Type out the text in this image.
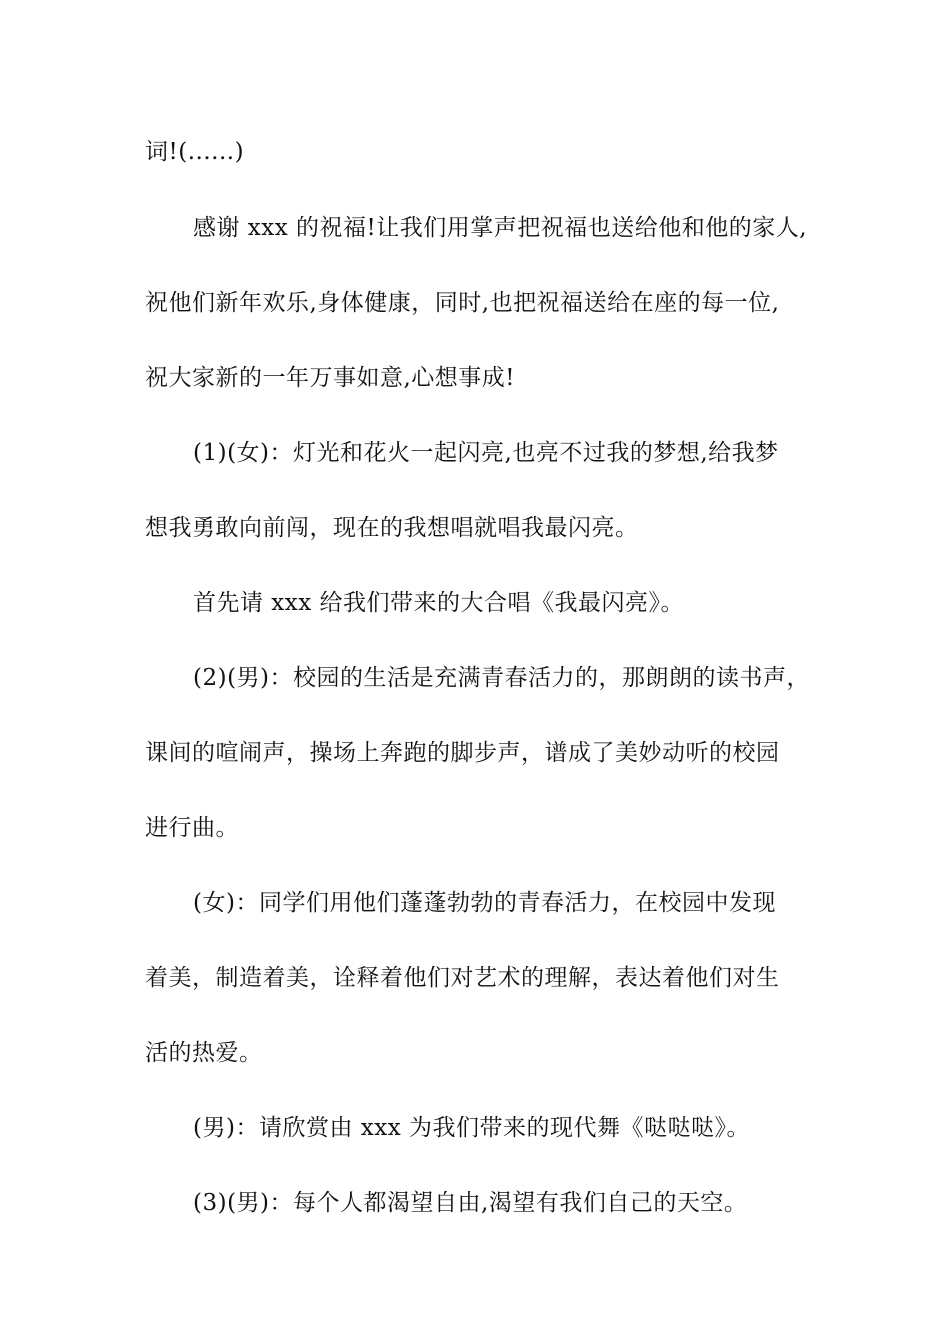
词!(......)
感谢 xxx 的祝福!让我们用掌声把祝福也送给他和他的家人,
祝他们新年欢乐,身体健康，同时,也把祝福送给在座的每一位,
祝大家新的一年万事如意,心想事成!
(1)(女)：灯光和花火一起闪亮,也亮不过我的梦想,给我梦
想我勇敢向前闯，现在的我想唱就唱我最闪亮。
首先请 xxx 给我们带来的大合唱《我最闪亮》。
(2)(男)：校园的生活是充满青春活力的，那朗朗的读书声，
课间的喧闹声，操场上奔跑的脚步声，谱成了美妙动听的校园
进行曲。
(女)：同学们用他们蓬蓬勃勃的青春活力，在校园中发现
着美，制造着美，诠释着他们对艺术的理解，表达着他们对生
活的热爱。
(男)：请欣赏由 xxx 为我们带来的现代舞《哒哒哒》。
(3)(男)：每个人都渴望自由,渴望有我们自己的天空。
